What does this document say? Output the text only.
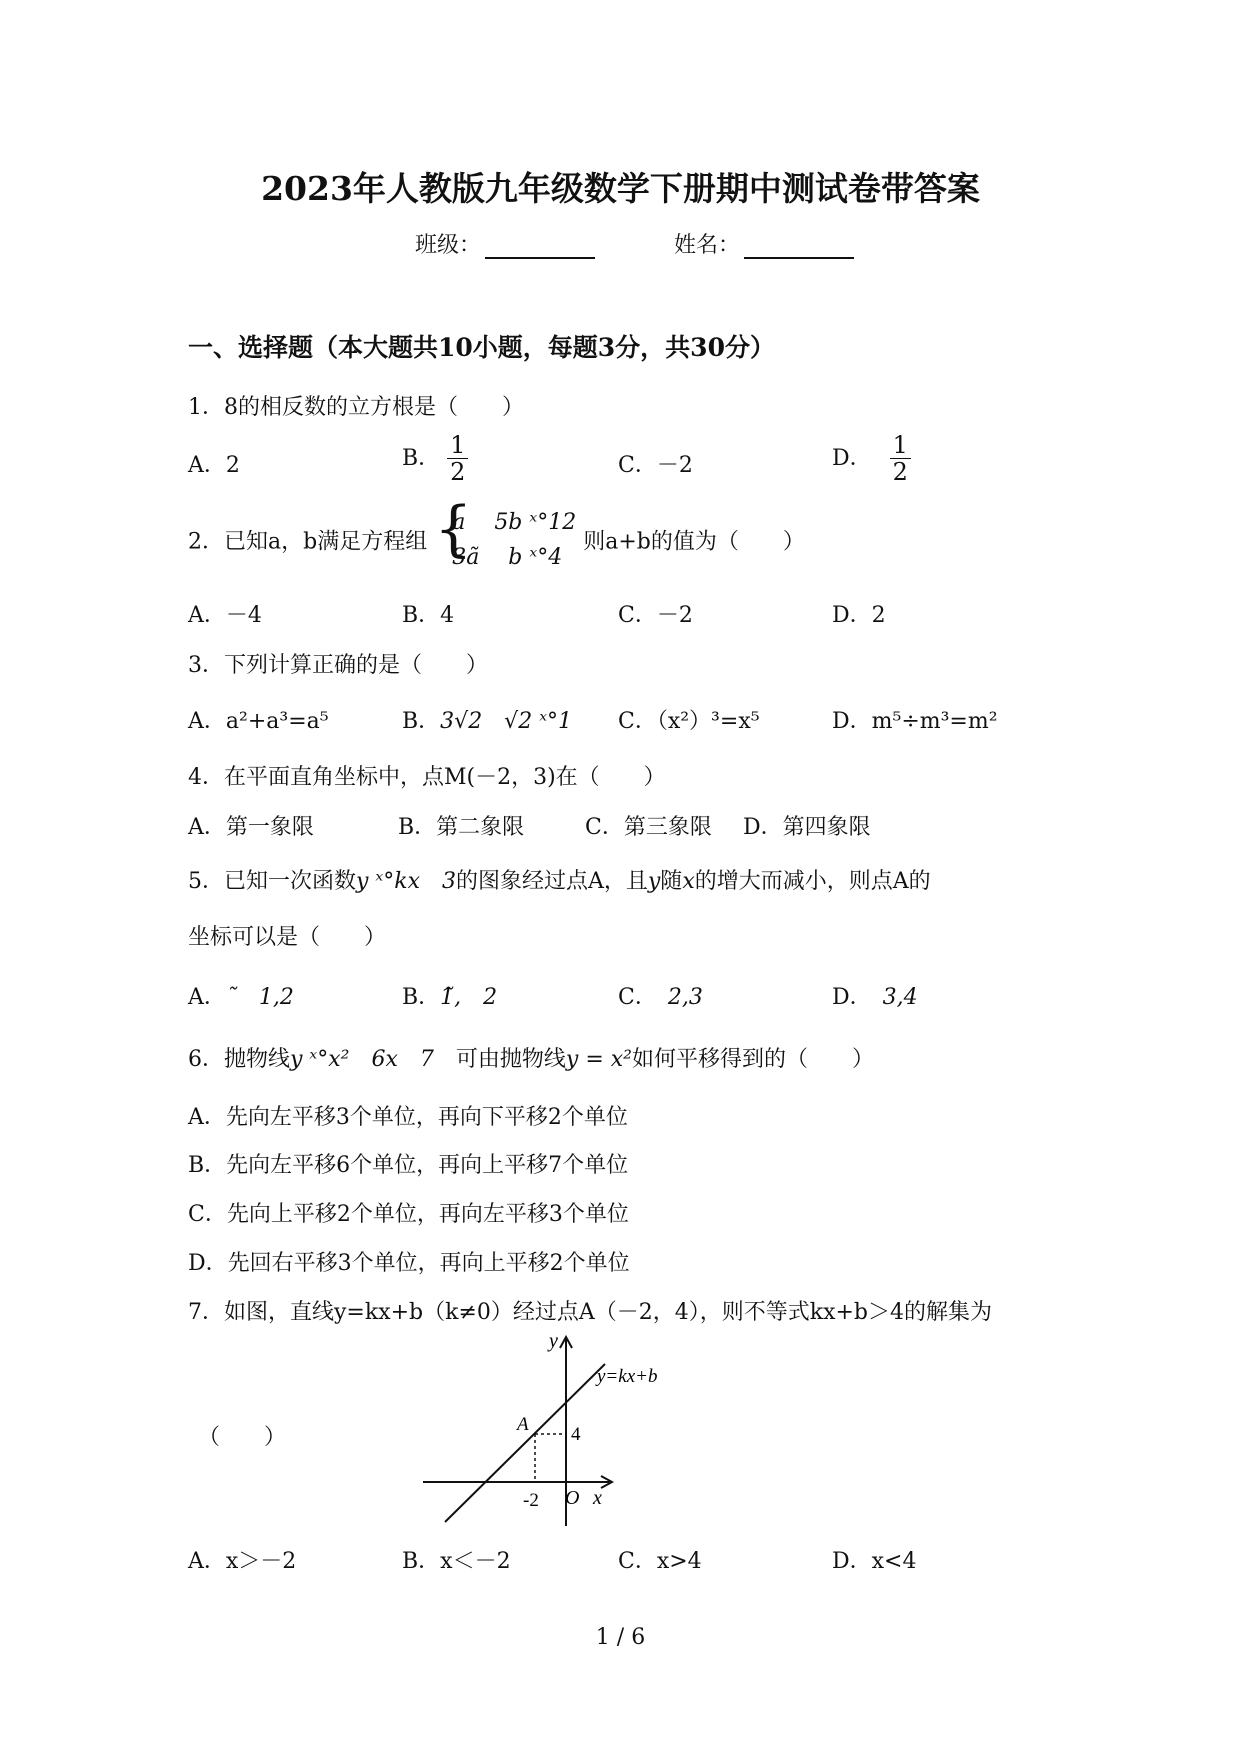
2023年人教版九年级数学下册期中测试卷带答案
班级：	姓名：
一、选择题（本大题共10小题，每题3分，共30分）
1．8的相反数的立方根是（　　）
A．2	B． $\frac{1}{2}$	C．－2	D．　 $\frac{1}{2}$
2．已知a，b满足方程组 {
a　 5b ˣ°12
3ã　 b ˣ°4
则a+b的值为（　　）
A．－4	B．4	C．－2	D．2
3．下列计算正确的是（　　）
A．a²+a³=a⁵	B．3√2　√2 ˣ°1 C．（x²）³=x⁵	D．m⁵÷m³=m²
4．在平面直角坐标中，点M(－2，3)在（　　）
A．第一象限	B．第二象限	C．第三象限 D．第四象限
5．已知一次函数y ˣ°kx　3的图象经过点A，且y随x的增大而减小，则点A的
坐标可以是（　　）
A．˜　1,2	B．1̃,　2	C．　 2,3	D．　 3,4
6．抛物线y ˣ°x²　6x　7　 可由抛物线y = x²如何平移得到的（　　）
A．先向左平移3个单位，再向下平移2个单位
B．先向左平移6个单位，再向上平移7个单位
C．先向上平移2个单位，再向左平移3个单位
D．先回右平移3个单位，再向上平移2个单位
7．如图，直线y=kx+b（k≠0）经过点A（－2，4），则不等式kx+b＞4的解集为
（　　）
y
x
O
y=kx+b
A 4
-2
A．x＞－2	B．x＜－2	C．x>4	D．x<4
1 / 6
